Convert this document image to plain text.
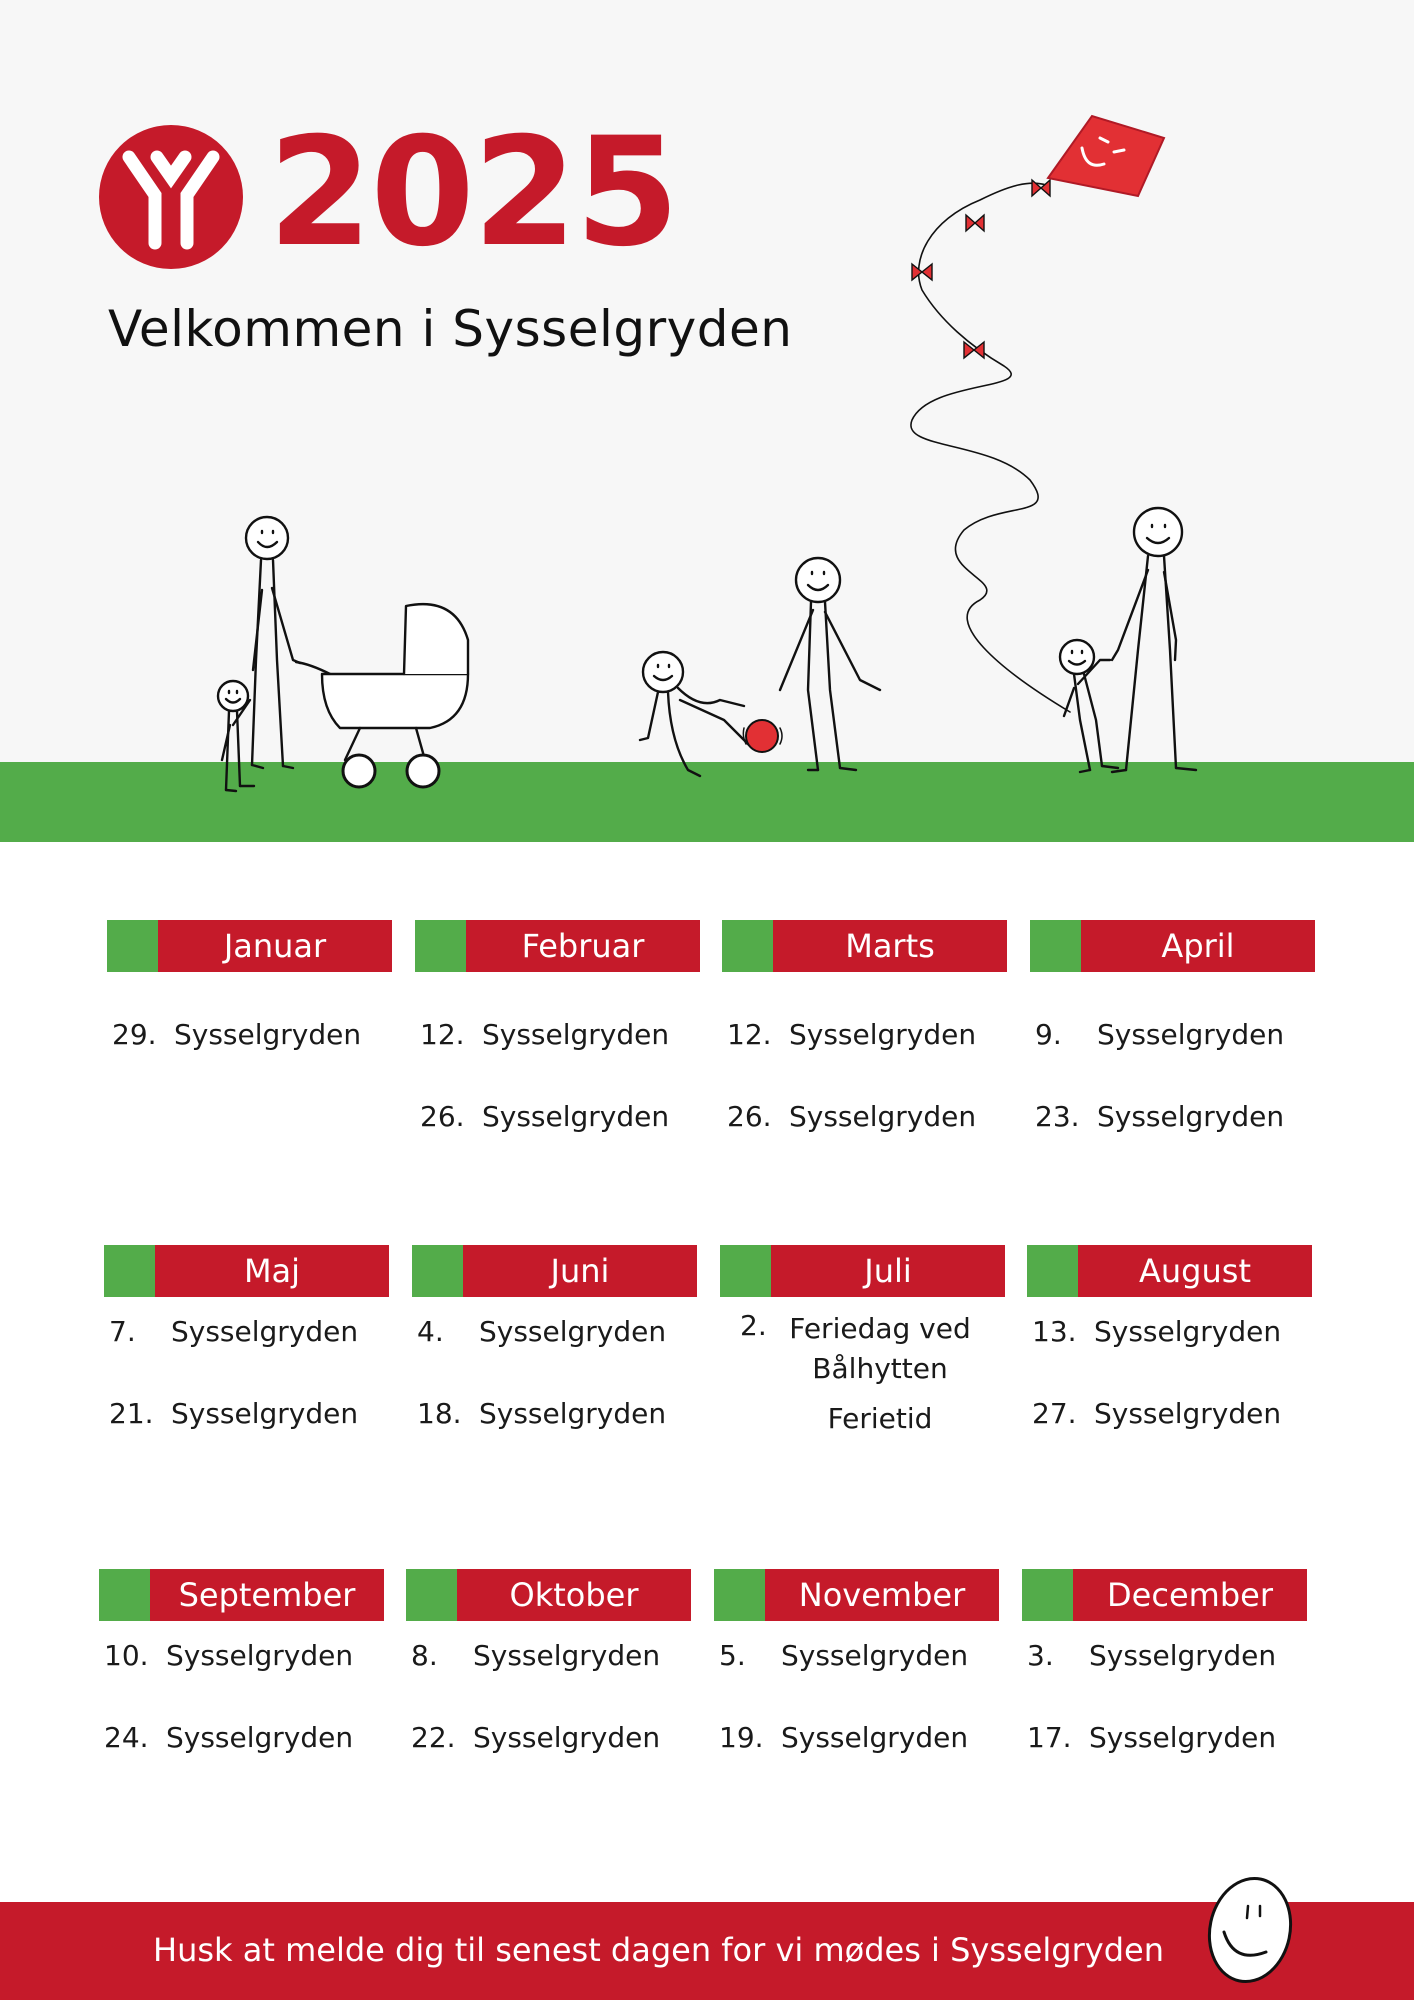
2025
Velkommen i Sysselgryden
Januar
29. Sysselgryden
Februar
12. Sysselgryden
26. Sysselgryden
Marts
12. Sysselgryden
26. Sysselgryden
April
9. Sysselgryden
23. Sysselgryden
Maj
7. Sysselgryden
21. Sysselgryden
Juni
4. Sysselgryden
18. Sysselgryden
Juli
2. Feriedag ved Bålhytten
Ferietid
August
13. Sysselgryden
27. Sysselgryden
September
10. Sysselgryden
24. Sysselgryden
Oktober
8. Sysselgryden
22. Sysselgryden
November
5. Sysselgryden
19. Sysselgryden
December
3. Sysselgryden
17. Sysselgryden
Husk at melde dig til senest dagen for vi mødes i Sysselgryden
